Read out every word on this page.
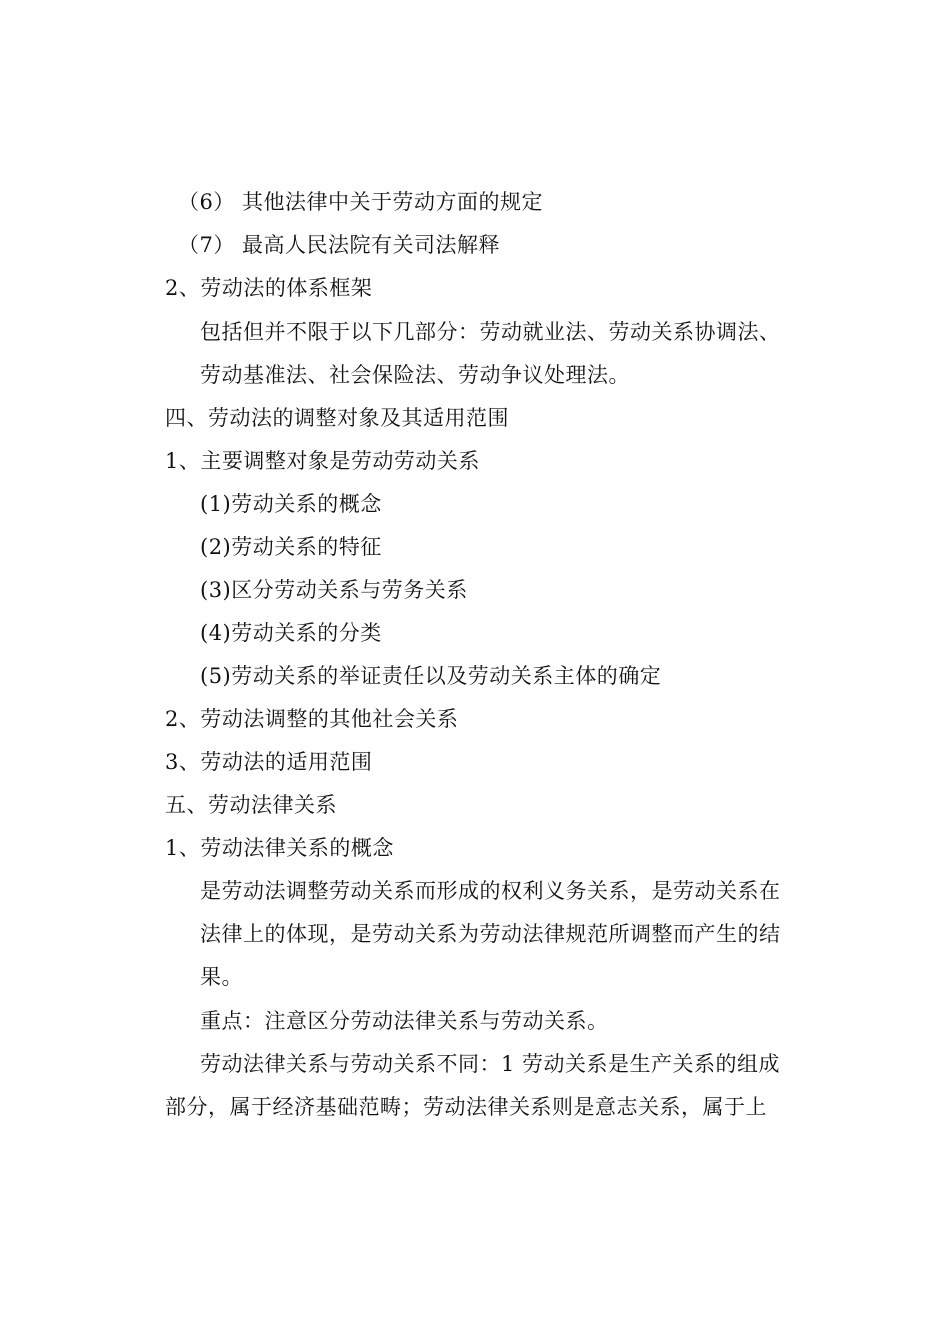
（6） 其他法律中关于劳动方面的规定
（7） 最高人民法院有关司法解释
2、劳动法的体系框架
包括但并不限于以下几部分：劳动就业法、劳动关系协调法、
劳动基准法、社会保险法、劳动争议处理法。
四、劳动法的调整对象及其适用范围
1、主要调整对象是劳动劳动关系
(1)劳动关系的概念
(2)劳动关系的特征
(3)区分劳动关系与劳务关系
(4)劳动关系的分类
(5)劳动关系的举证责任以及劳动关系主体的确定
2、劳动法调整的其他社会关系
3、劳动法的适用范围
五、劳动法律关系
1、劳动法律关系的概念
是劳动法调整劳动关系而形成的权利义务关系，是劳动关系在
法律上的体现，是劳动关系为劳动法律规范所调整而产生的结
果。
重点：注意区分劳动法律关系与劳动关系。
劳动法律关系与劳动关系不同：1 劳动关系是生产关系的组成
部分，属于经济基础范畴；劳动法律关系则是意志关系，属于上
